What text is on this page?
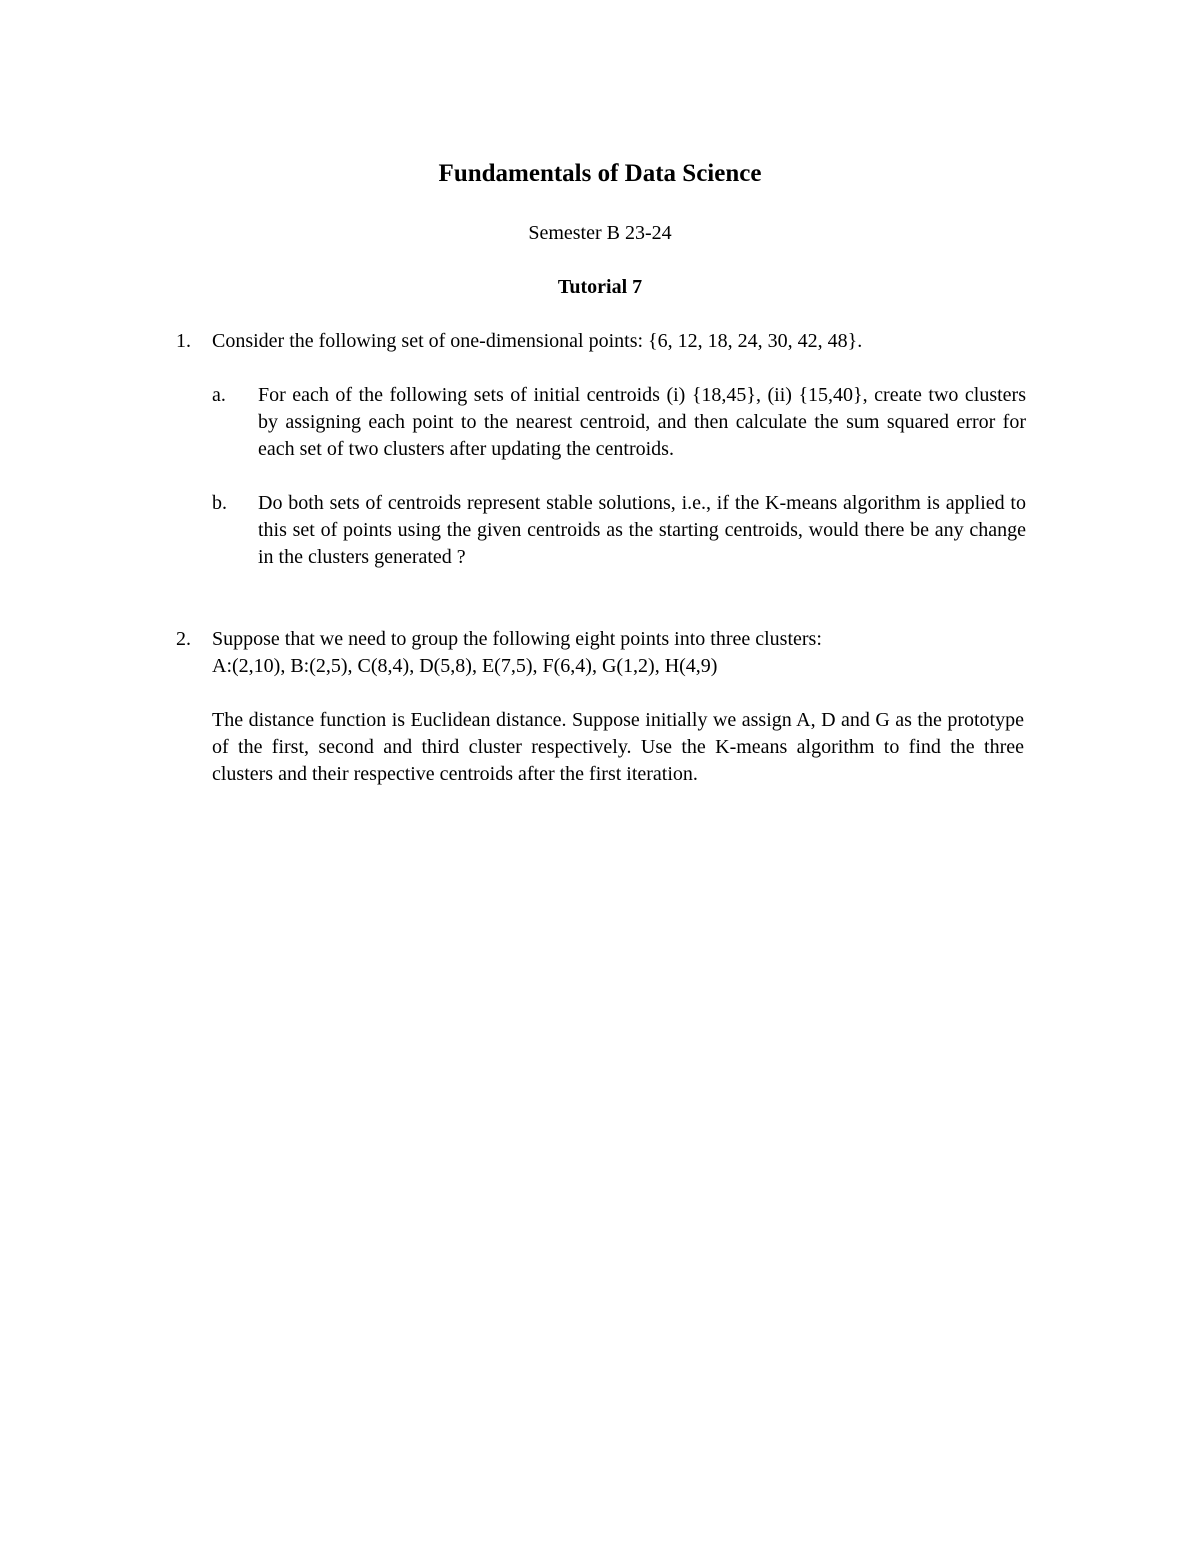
Fundamentals of Data Science
Semester B 23-24
Tutorial 7
1. Consider the following set of one-dimensional points: {6, 12, 18, 24, 30, 42, 48}.
a. For each of the following sets of initial centroids (i) {18,45}, (ii) {15,40}, create two clusters by assigning each point to the nearest centroid, and then calculate the sum squared error for each set of two clusters after updating the centroids.
b. Do both sets of centroids represent stable solutions, i.e., if the K-means algorithm is applied to this set of points using the given centroids as the starting centroids, would there be any change in the clusters generated ?
2. Suppose that we need to group the following eight points into three clusters:
A:(2,10), B:(2,5), C(8,4), D(5,8), E(7,5), F(6,4), G(1,2), H(4,9)
The distance function is Euclidean distance. Suppose initially we assign A, D and G as the prototype of the first, second and third cluster respectively. Use the K-means algorithm to find the three clusters and their respective centroids after the first iteration.
